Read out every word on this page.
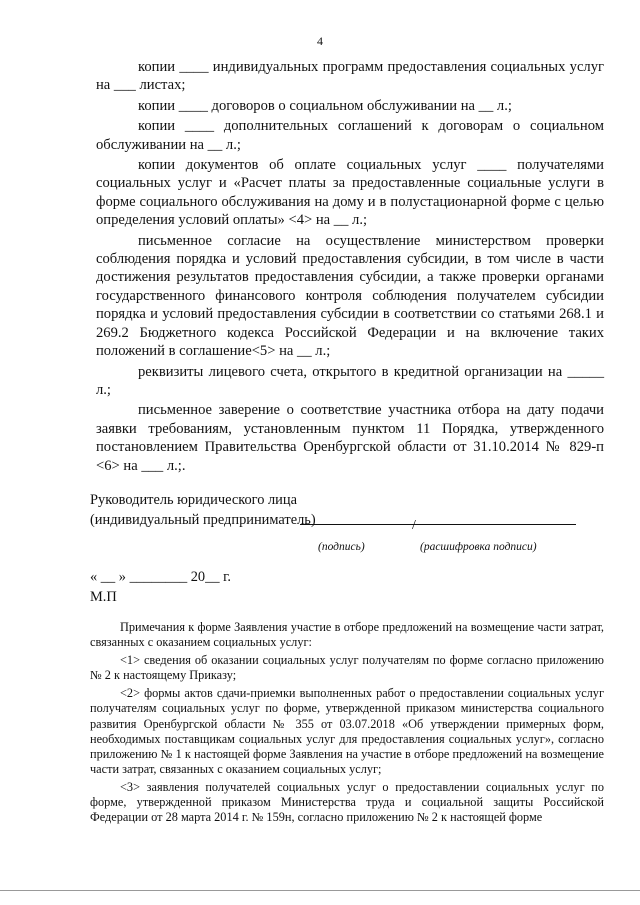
4

копии ____ индивидуальных программ предоставления социальных услуг на ___ листах;

копии ____ договоров о социальном обслуживании на __ л.;

копии ____ дополнительных соглашений к договорам о социальном обслуживании на __ л.;

копии документов об оплате социальных услуг ____ получателями социальных услуг и «Расчет платы за предоставленные социальные услуги в форме социального обслуживания на дому и в полустационарной форме с целью определения условий оплаты» <4> на __ л.;

письменное согласие на осуществление министерством проверки соблюдения порядка и условий предоставления субсидии, в том числе в части достижения результатов предоставления субсидии, а также проверки органами государственного финансового контроля соблюдения получателем субсидии порядка и условий предоставления субсидии в соответствии со статьями 268.1 и 269.2 Бюджетного кодекса Российской Федерации и на включение таких положений в соглашение<5> на __ л.;

реквизиты лицевого счета, открытого в кредитной организации на _____ л.;

письменное заверение о соответствие участника отбора на дату подачи заявки требованиям, установленным пунктом 11 Порядка, утвержденного постановлением Правительства Оренбургской области от 31.10.2014 № 829-п <6> на ___ л.;.

Руководитель юридического лица
(индивидуальный предприниматель)	/
(подпись)	(расшифровка подписи)
« __ » ________ 20__ г.
М.П

Примечания к форме Заявления участие в отборе предложений на возмещение части затрат, связанных с оказанием социальных услуг:

<1> сведения об оказании социальных услуг получателям по форме согласно приложению № 2 к настоящему Приказу;

<2> формы актов сдачи-приемки выполненных работ о предоставлении социальных услуг получателям социальных услуг по форме, утвержденной приказом министерства социального развития Оренбургской области № 355 от 03.07.2018 «Об утверждении примерных форм, необходимых поставщикам социальных услуг для предоставления социальных услуг», согласно приложению № 1 к настоящей форме Заявления на участие в отборе предложений на возмещение части затрат, связанных с оказанием социальных услуг;

<3> заявления получателей социальных услуг о предоставлении социальных услуг по форме, утвержденной приказом Министерства труда и социальной защиты Российской Федерации от 28 марта 2014 г. № 159н, согласно приложению № 2 к настоящей форме
